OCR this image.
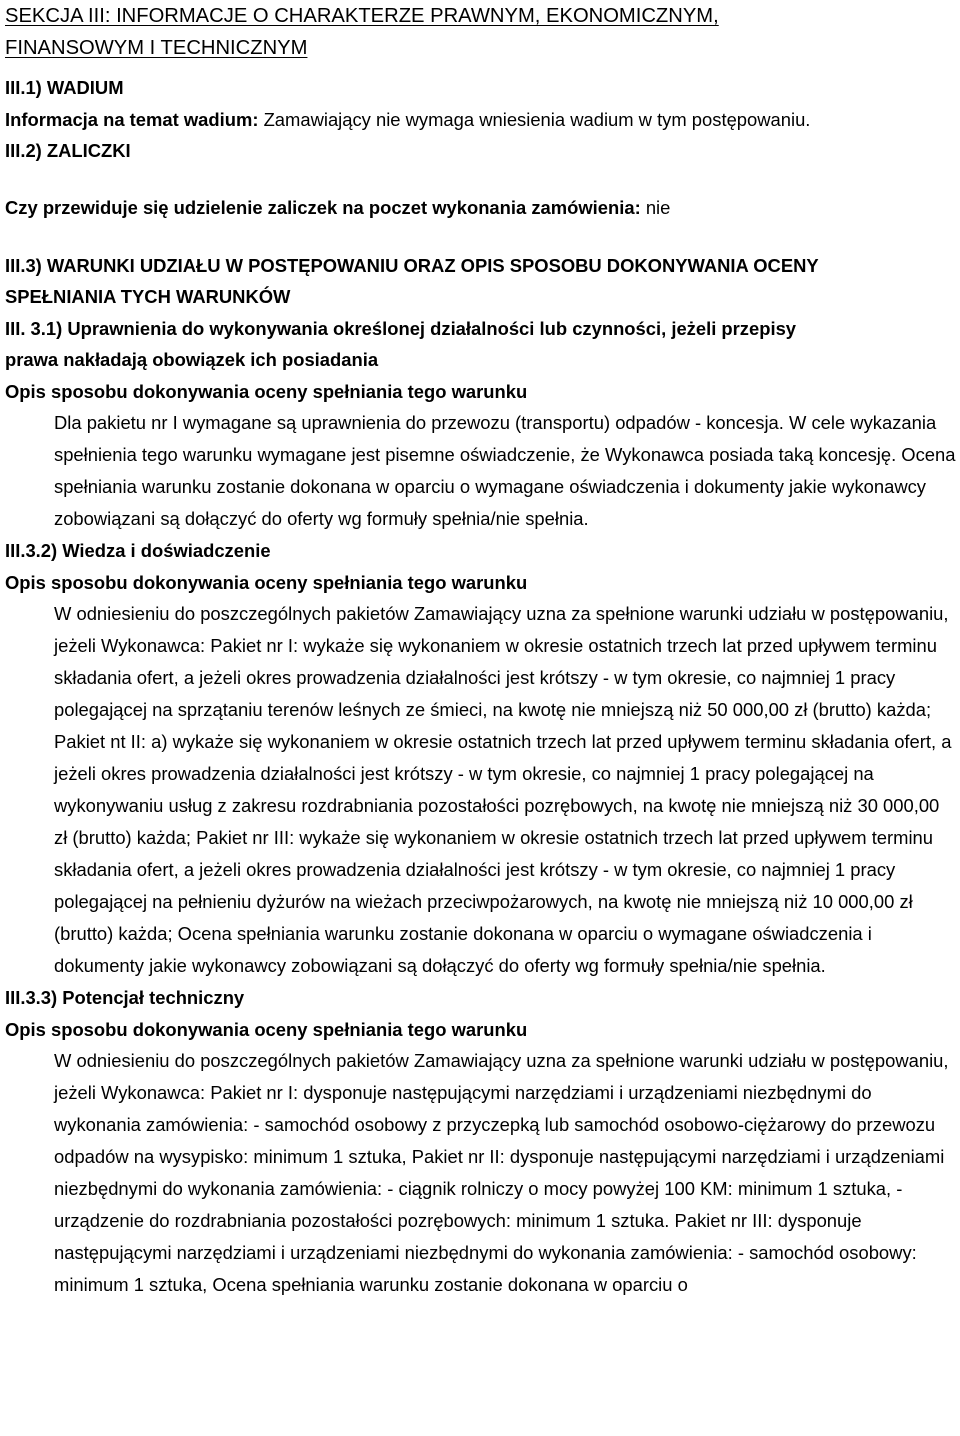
SEKCJA III: INFORMACJE O CHARAKTERZE PRAWNYM, EKONOMICZNYM,
FINANSOWYM I TECHNICZNYM
III.1) WADIUM
Informacja na temat wadium: Zamawiający nie wymaga wniesienia wadium w tym postępowaniu.
III.2) ZALICZKI
Czy przewiduje się udzielenie zaliczek na poczet wykonania zamówienia: nie
III.3) WARUNKI UDZIAŁU W POSTĘPOWANIU ORAZ OPIS SPOSOBU DOKONYWANIA OCENY
SPEŁNIANIA TYCH WARUNKÓW
III. 3.1) Uprawnienia do wykonywania określonej działalności lub czynności, jeżeli przepisy
prawa nakładają obowiązek ich posiadania
Opis sposobu dokonywania oceny spełniania tego warunku

Dla pakietu nr I wymagane są uprawnienia do przewozu (transportu) odpadów - koncesja. W cele wykazania spełnienia tego warunku wymagane jest pisemne oświadczenie, że Wykonawca posiada taką koncesję. Ocena spełniania warunku zostanie dokonana w oparciu o wymagane oświadczenia i dokumenty jakie wykonawcy zobowiązani są dołączyć do oferty wg formuły spełnia/nie spełnia.

III.3.2) Wiedza i doświadczenie
Opis sposobu dokonywania oceny spełniania tego warunku

W odniesieniu do poszczególnych pakietów Zamawiający uzna za spełnione warunki udziału w postępowaniu, jeżeli Wykonawca: Pakiet nr I: wykaże się wykonaniem w okresie ostatnich trzech lat przed upływem terminu składania ofert, a jeżeli okres prowadzenia działalności jest krótszy - w tym okresie, co najmniej 1 pracy polegającej na sprzątaniu terenów leśnych ze śmieci, na kwotę nie mniejszą niż 50 000,00 zł (brutto) każda; Pakiet nt II: a) wykaże się wykonaniem w okresie ostatnich trzech lat przed upływem terminu składania ofert, a jeżeli okres prowadzenia działalności jest krótszy - w tym okresie, co najmniej 1 pracy polegającej na wykonywaniu usług z zakresu rozdrabniania pozostałości pozrębowych, na kwotę nie mniejszą niż 30 000,00 zł (brutto) każda; Pakiet nr III: wykaże się wykonaniem w okresie ostatnich trzech lat przed upływem terminu składania ofert, a jeżeli okres prowadzenia działalności jest krótszy - w tym okresie, co najmniej 1 pracy polegającej na pełnieniu dyżurów na wieżach przeciwpożarowych, na kwotę nie mniejszą niż 10 000,00 zł (brutto) każda; Ocena spełniania warunku zostanie dokonana w oparciu o wymagane oświadczenia i dokumenty jakie wykonawcy zobowiązani są dołączyć do oferty wg formuły spełnia/nie spełnia.

III.3.3) Potencjał techniczny
Opis sposobu dokonywania oceny spełniania tego warunku

W odniesieniu do poszczególnych pakietów Zamawiający uzna za spełnione warunki udziału w postępowaniu, jeżeli Wykonawca: Pakiet nr I: dysponuje następującymi narzędziami i urządzeniami niezbędnymi do wykonania zamówienia: - samochód osobowy z przyczepką lub samochód osobowo-ciężarowy do przewozu odpadów na wysypisko: minimum 1 sztuka, Pakiet nr II: dysponuje następującymi narzędziami i urządzeniami niezbędnymi do wykonania zamówienia: - ciągnik rolniczy o mocy powyżej 100 KM: minimum 1 sztuka, - urządzenie do rozdrabniania pozostałości pozrębowych: minimum 1 sztuka. Pakiet nr III: dysponuje następującymi narzędziami i urządzeniami niezbędnymi do wykonania zamówienia: - samochód osobowy: minimum 1 sztuka, Ocena spełniania warunku zostanie dokonana w oparciu o
